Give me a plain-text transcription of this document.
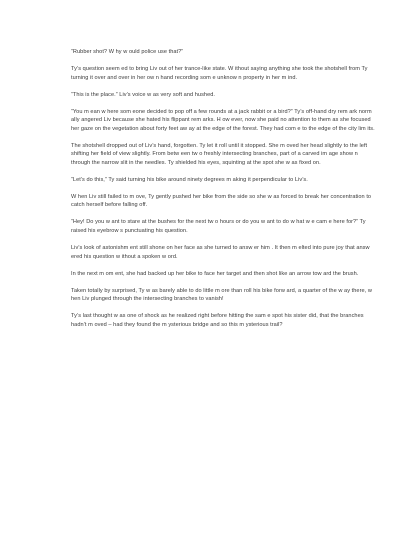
“Rubber shot? W hy w ould police use that?”

Ty’s question seem ed to bring Liv out of her trance-like state. W ithout saying anything she took the shotshell from Ty turning it over and over in her ow n hand recording som e unknow n property in her m ind.

“This is the place.” Liv’s voice w as very soft and hushed.

“You m ean w here som eone decided to pop off a few rounds at a jack rabbit or a bird?” Ty’s off-hand dry rem ark norm ally angered Liv because she hated his flippant rem arks. H ow ever, now she paid no attention to them as she focused her gaze on the vegetation about forty feet aw ay at the edge of the forest. They had com e to the edge of the city lim its.

The shotshell dropped out of Liv’s hand, forgotten. Ty let it roll until it stopped. She m oved her head slightly to the left shifting her field of view slightly. From betw een tw o freshly intersecting branches, part of a carved im age show n through the narrow slit in the needles. Ty shielded his eyes, squinting at the spot she w as fixed on.

“Let’s do this,” Ty said turning his bike around ninety degrees m aking it perpendicular to Liv’s.

W hen Liv still failed to m ove, Ty gently pushed her bike from the side so she w as forced to break her concentration to catch herself before falling off.

“Hey! Do you w ant to stare at the bushes for the next tw o hours or do you w ant to do w hat w e cam e here for?” Ty raised his eyebrow s punctuating his question.

Liv’s look of astonishm ent still shone on her face as she turned to answ er him . It then m elted into pure joy that answ ered his question w ithout a spoken w ord.

In the next m om ent, she had backed up her bike to face her target and then shot like an arrow tow ard the brush.

Taken totally by surprised, Ty w as barely able to do little m ore than roll his bike forw ard, a quarter of the w ay there, w hen Liv plunged through the intersecting branches to vanish!

Ty’s last thought w as one of shock as he realized right before hitting the sam e spot his sister did, that the branches hadn’t m oved – had they found the m ysterious bridge and so this m ysterious trail?
